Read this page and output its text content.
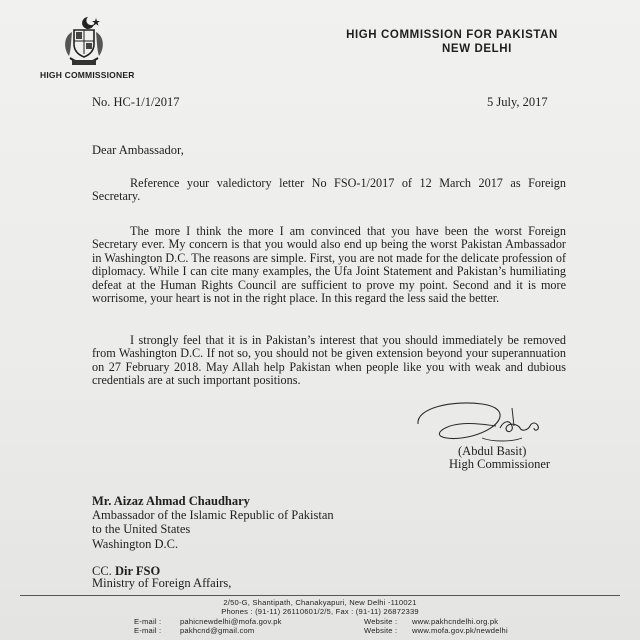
HIGH COMMISSIONER
HIGH COMMISSION FOR PAKISTAN
NEW DELHI
No. HC-1/1/2017	5 July, 2017
Dear Ambassador,
Reference your valedictory letter No FSO-1/2017 of 12 March 2017 as Foreign Secretary.
The more I think the more I am convinced that you have been the worst Foreign Secretary ever. My concern is that you would also end up being the worst Pakistan Ambassador in Washington D.C. The reasons are simple. First, you are not made for the delicate profession of diplomacy. While I can cite many examples, the Ufa Joint Statement and Pakistan’s humiliating defeat at the Human Rights Council are sufficient to prove my point. Second and it is more worrisome, your heart is not in the right place. In this regard the less said the better.
I strongly feel that it is in Pakistan’s interest that you should immediately be removed from Washington D.C. If not so, you should not be given extension beyond your superannuation on 27 February 2018. May Allah help Pakistan when people like you with weak and dubious credentials are at such important positions.
(Abdul Basit)
High Commissioner
Mr. Aizaz Ahmad Chaudhary
Ambassador of the Islamic Republic of Pakistan
to the United States
Washington D.C.
CC. Dir FSO
Ministry of Foreign Affairs,
2/50-G, Shantipath, Chanakyapuri, New Delhi -110021
Phones : (91-11) 26110601/2/5, Fax : (91-11) 26872339
E-mail : pahicnewdelhi@mofa.gov.pk	Website : www.pakhcndelhi.org.pk
E-mail : pakhcnd@gmail.com	Website : www.mofa.gov.pk/newdelhi
